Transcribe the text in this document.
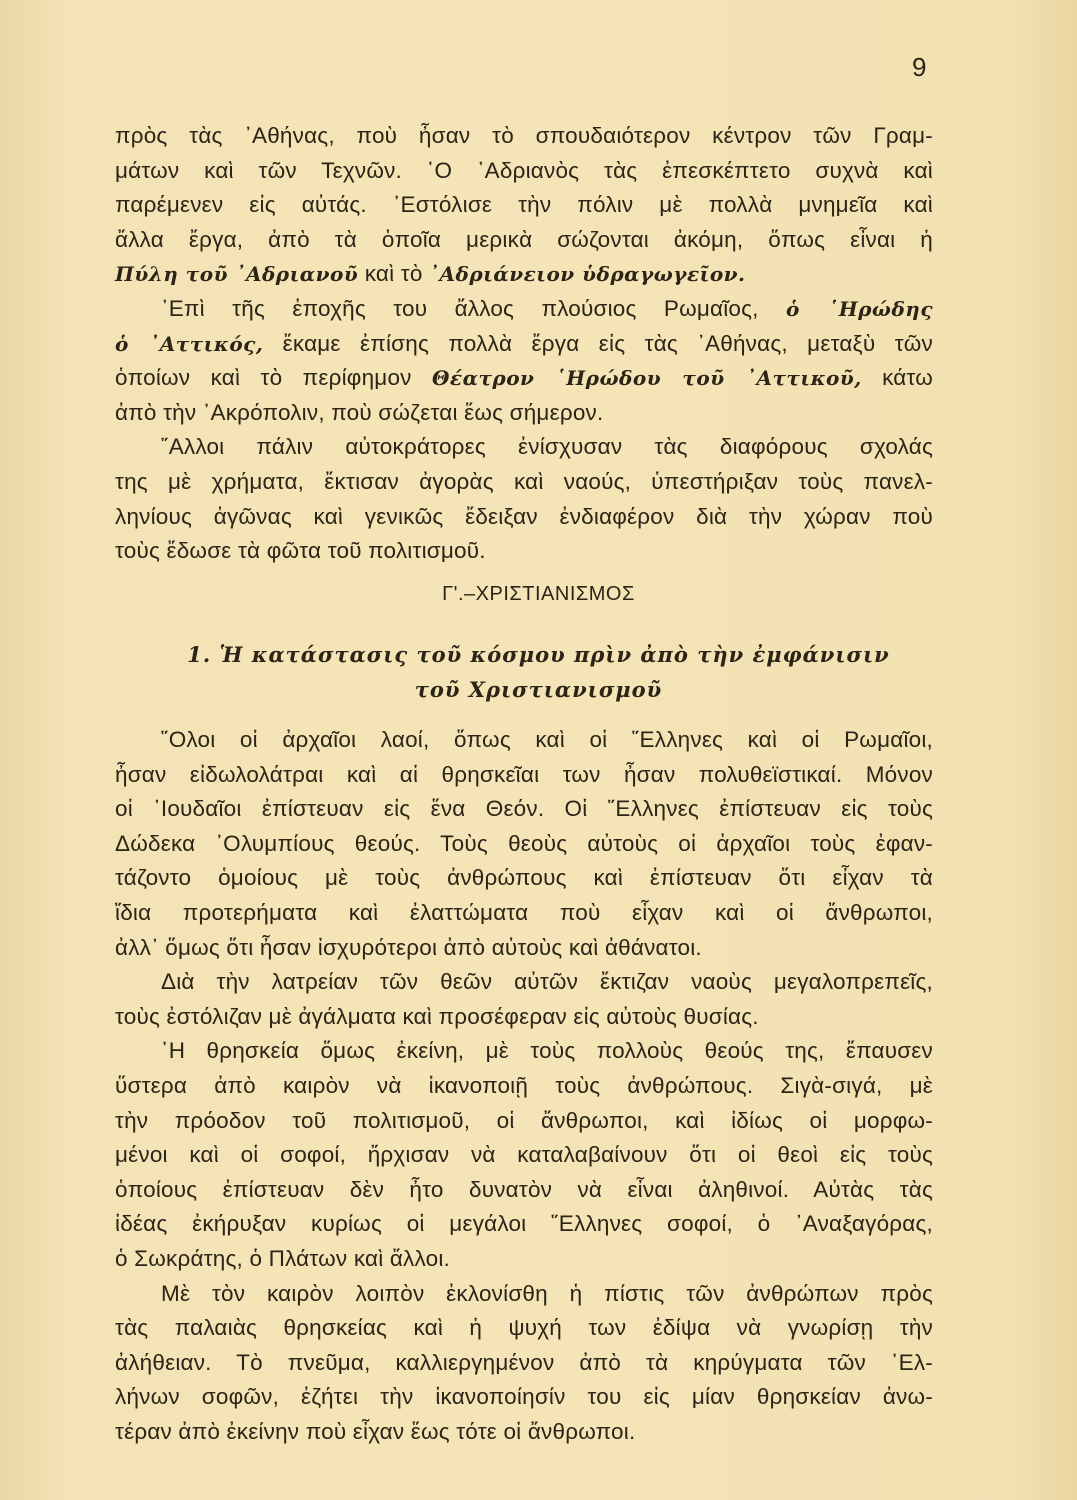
9
πρὸς τὰς ᾿Αθήνας, ποὺ ἦσαν τὸ σπουδαιότερον κέντρον τῶν Γραμ-
μάτων καὶ τῶν Τεχνῶν. ῾Ο ᾿Αδριανὸς τὰς ἐπεσκέπτετο συχνὰ καὶ
παρέμενεν εἰς αὐτάς. ᾿Εστόλισε τὴν πόλιν μὲ πολλὰ μνημεῖα καὶ
ἄλλα ἔργα, ἀπὸ τὰ ὁποῖα μερικὰ σώζονται ἀκόμη, ὅπως εἶναι ἡ
Πύλη τοῦ ᾿Αδριανοῦ καὶ τὸ ᾿Αδριάνειον ὑδραγωγεῖον.
᾿Επὶ τῆς ἐποχῆς του ἄλλος πλούσιος Ρωμαῖος, ὁ ῾Ηρώδης
ὁ ᾿Αττικός, ἔκαμε ἐπίσης πολλὰ ἔργα εἰς τὰς ᾿Αθήνας, μεταξὺ τῶν
ὁποίων καὶ τὸ περίφημον Θέατρον ῾Ηρώδου τοῦ ᾿Αττικοῦ, κάτω
ἀπὸ τὴν ᾿Ακρόπολιν, ποὺ σώζεται ἕως σήμερον.
῎Αλλοι πάλιν αὐτοκράτορες ἐνίσχυσαν τὰς διαφόρους σχολάς
της μὲ χρήματα, ἔκτισαν ἀγορὰς καὶ ναούς, ὑπεστήριξαν τοὺς πανελ-
ληνίους ἀγῶνας καὶ γενικῶς ἔδειξαν ἐνδιαφέρον διὰ τὴν χώραν ποὺ
τοὺς ἔδωσε τὰ φῶτα τοῦ πολιτισμοῦ.
Γ'.–ΧΡΙΣΤΙΑΝΙΣΜΟΣ
1. Ἡ κατάστασις τοῦ κόσμου πρὶν ἀπὸ τὴν ἐμφάνισιν
τοῦ Χριστιανισμοῦ
῞Ολοι οἱ ἀρχαῖοι λαοί, ὅπως καὶ οἱ ῞Ελληνες καὶ οἱ Ρωμαῖοι,
ἦσαν εἰδωλολάτραι καὶ αἱ θρησκεῖαι των ἦσαν πολυθεϊστικαί. Μόνον
οἱ ᾿Ιουδαῖοι ἐπίστευαν εἰς ἕνα Θεόν. Οἱ ῞Ελληνες ἐπίστευαν εἰς τοὺς
Δώδεκα ᾿Ολυμπίους θεούς. Τοὺς θεοὺς αὐτοὺς οἱ ἀρχαῖοι τοὺς ἐφαν-
τάζοντο ὁμοίους μὲ τοὺς ἀνθρώπους καὶ ἐπίστευαν ὅτι εἶχαν τὰ
ἴδια προτερήματα καὶ ἐλαττώματα ποὺ εἶχαν καὶ οἱ ἄνθρωποι,
ἀλλ᾿ ὅμως ὅτι ἦσαν ἰσχυρότεροι ἀπὸ αὐτοὺς καὶ ἀθάνατοι.
Διὰ τὴν λατρείαν τῶν θεῶν αὐτῶν ἔκτιζαν ναοὺς μεγαλοπρεπεῖς,
τοὺς ἐστόλιζαν μὲ ἀγάλματα καὶ προσέφεραν εἰς αὐτοὺς θυσίας.
῾Η θρησκεία ὅμως ἐκείνη, μὲ τοὺς πολλοὺς θεούς της, ἔπαυσεν
ὕστερα ἀπὸ καιρὸν νὰ ἱκανοποιῇ τοὺς ἀνθρώπους. Σιγὰ-σιγά, μὲ
τὴν πρόοδον τοῦ πολιτισμοῦ, οἱ ἄνθρωποι, καὶ ἰδίως οἱ μορφω-
μένοι καὶ οἱ σοφοί, ἤρχισαν νὰ καταλαβαίνουν ὅτι οἱ θεοὶ εἰς τοὺς
ὁποίους ἐπίστευαν δὲν ἦτο δυνατὸν νὰ εἶναι ἀληθινοί. Αὐτὰς τὰς
ἰδέας ἐκήρυξαν κυρίως οἱ μεγάλοι ῞Ελληνες σοφοί, ὁ ᾿Αναξαγόρας,
ὁ Σωκράτης, ὁ Πλάτων καὶ ἄλλοι.
Μὲ τὸν καιρὸν λοιπὸν ἐκλονίσθη ἡ πίστις τῶν ἀνθρώπων πρὸς
τὰς παλαιὰς θρησκείας καὶ ἡ ψυχή των ἐδίψα νὰ γνωρίσῃ τὴν
ἀλήθειαν. Τὸ πνεῦμα, καλλιεργημένον ἀπὸ τὰ κηρύγματα τῶν ῾Ελ-
λήνων σοφῶν, ἐζήτει τὴν ἱκανοποίησίν του εἰς μίαν θρησκείαν ἀνω-
τέραν ἀπὸ ἐκείνην ποὺ εἶχαν ἕως τότε οἱ ἄνθρωποι.
